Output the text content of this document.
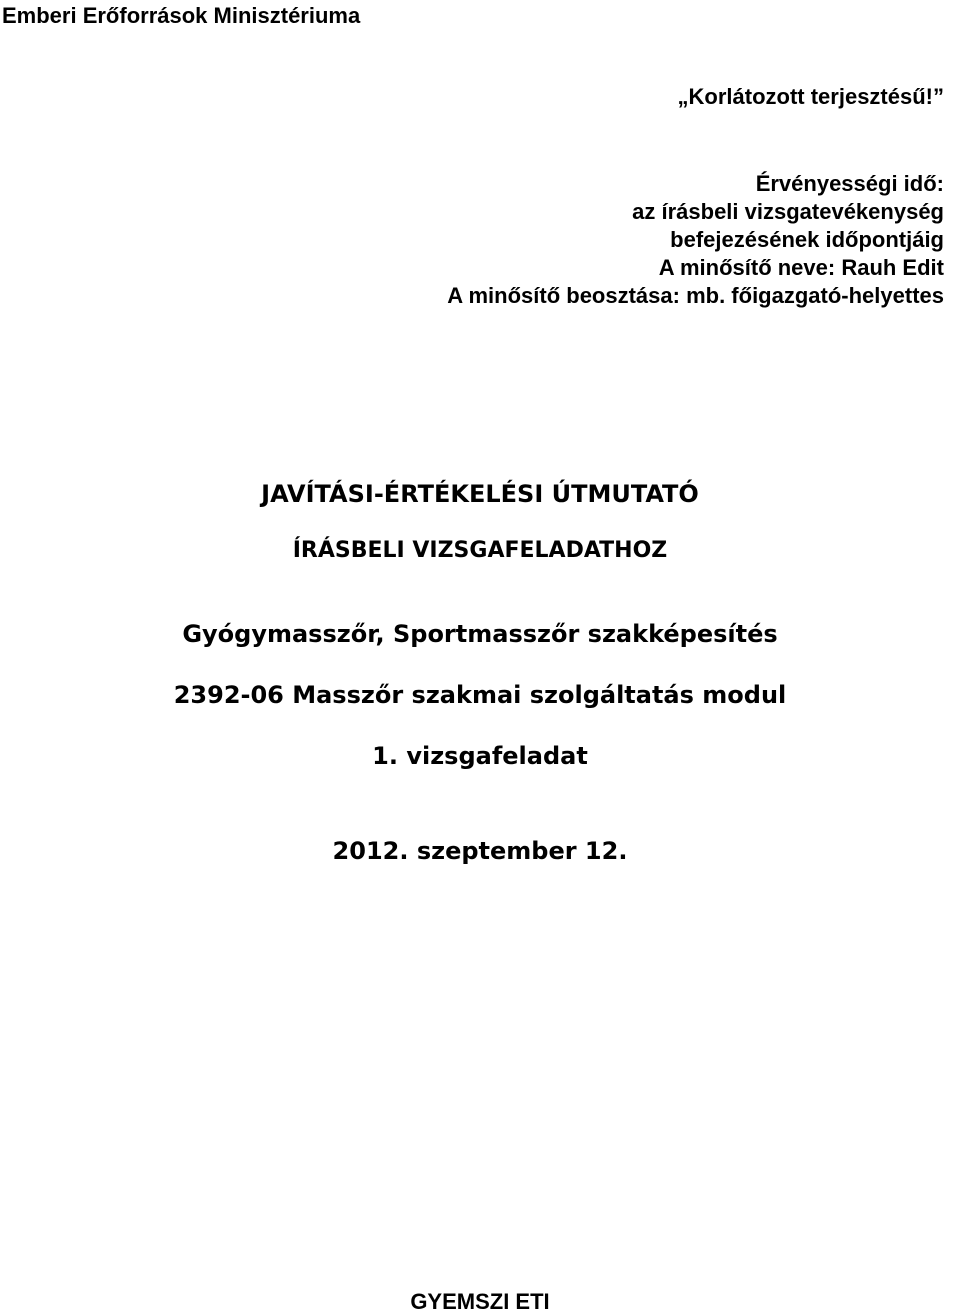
Emberi Erőforrások Minisztériuma
„Korlátozott terjesztésű!”
Érvényességi idő:
az írásbeli vizsgatevékenység
befejezésének időpontjáig
A minősítő neve: Rauh Edit
A minősítő beosztása: mb. főigazgató-helyettes
JAVÍTÁSI-ÉRTÉKELÉSI ÚTMUTATÓ
ÍRÁSBELI VIZSGAFELADATHOZ
Gyógymasszőr, Sportmasszőr szakképesítés
2392-06 Masszőr szakmai szolgáltatás modul
1. vizsgafeladat
2012. szeptember 12.
GYEMSZI ETI
